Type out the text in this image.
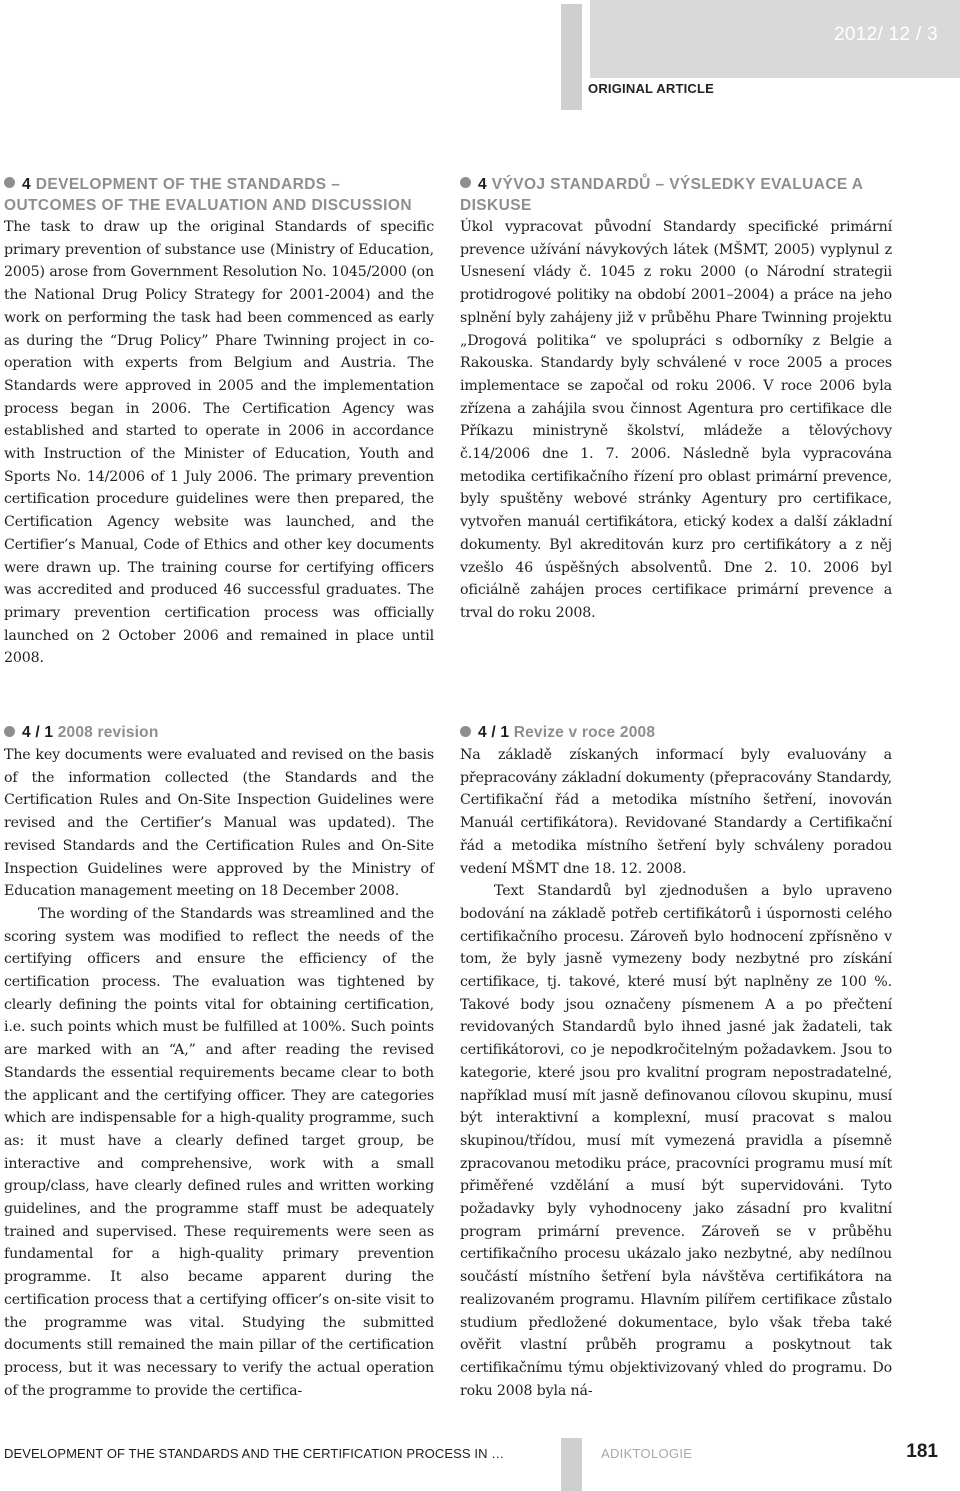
2012/ 12 / 3

ORIGINAL ARTICLE

4 DEVELOPMENT OF THE STANDARDS – OUTCOMES OF THE EVALUATION AND DISCUSSION

The task to draw up the original Standards of specific primary prevention of substance use (Ministry of Education, 2005) arose from Government Resolution No. 1045/2000 (on the National Drug Policy Strategy for 2001-2004) and the work on performing the task had been commenced as early as during the “Drug Policy” Phare Twinning project in co-operation with experts from Belgium and Austria. The Standards were approved in 2005 and the implementation process began in 2006. The Certification Agency was established and started to operate in 2006 in accordance with Instruction of the Minister of Education, Youth and Sports No. 14/2006 of 1 July 2006. The primary prevention certification procedure guidelines were then prepared, the Certification Agency website was launched, and the Certifier’s Manual, Code of Ethics and other key documents were drawn up. The training course for certifying officers was accredited and produced 46 successful graduates. The primary prevention certification process was officially launched on 2 October 2006 and remained in place until 2008.

4 / 1 2008 revision

The key documents were evaluated and revised on the basis of the information collected (the Standards and the Certification Rules and On-Site Inspection Guidelines were revised and the Certifier’s Manual was updated). The revised Standards and the Certification Rules and On-Site Inspection Guidelines were approved by the Ministry of Education management meeting on 18 December 2008.

The wording of the Standards was streamlined and the scoring system was modified to reflect the needs of the certifying officers and ensure the efficiency of the certification process. The evaluation was tightened by clearly defining the points vital for obtaining certification, i.e. such points which must be fulfilled at 100%. Such points are marked with an “A,” and after reading the revised Standards the essential requirements became clear to both the applicant and the certifying officer. They are categories which are indispensable for a high-quality programme, such as: it must have a clearly defined target group, be interactive and comprehensive, work with a small group/class, have clearly defined rules and written working guidelines, and the programme staff must be adequately trained and supervised. These requirements were seen as fundamental for a high-quality primary prevention programme. It also became apparent during the certification process that a certifying officer’s on-site visit to the programme was vital. Studying the submitted documents still remained the main pillar of the certification process, but it was necessary to verify the actual operation of the programme to provide the certifica-

4 VÝVOJ STANDARDŮ – VÝSLEDKY EVALUACE A DISKUSE

Úkol vypracovat původní Standardy specifické primární prevence užívání návykových látek (MŠMT, 2005) vyplynul z Usnesení vlády č. 1045 z roku 2000 (o Národní strategii protidrogové politiky na období 2001–2004) a práce na jeho splnění byly zahájeny již v průběhu Phare Twinning projektu „Drogová politika“ ve spolupráci s odborníky z Belgie a Rakouska. Standardy byly schválené v roce 2005 a proces implementace se započal od roku 2006. V roce 2006 byla zřízena a zahájila svou činnost Agentura pro certifikace dle Příkazu ministryně školství, mládeže a tělovýchovy č.14/2006 dne 1. 7. 2006. Následně byla vypracována metodika certifikačního řízení pro oblast primární prevence, byly spuštěny webové stránky Agentury pro certifikace, vytvořen manuál certifikátora, etický kodex a další základní dokumenty. Byl akreditován kurz pro certifikátory a z něj vzešlo 46 úspěšných absolventů. Dne 2. 10. 2006 byl oficiálně zahájen proces certifikace primární prevence a trval do roku 2008.

4 / 1 Revize v roce 2008

Na základě získaných informací byly evaluovány a přepracovány základní dokumenty (přepracovány Standardy, Certifikační řád a metodika místního šetření, inovován Manuál certifikátora). Revidované Standardy a Certifikační řád a metodika místního šetření byly schváleny poradou vedení MŠMT dne 18. 12. 2008.

Text Standardů byl zjednodušen a bylo upraveno bodování na základě potřeb certifikátorů i úspornosti celého certifikačního procesu. Zároveň bylo hodnocení zpřísněno v tom, že byly jasně vymezeny body nezbytné pro získání certifikace, tj. takové, které musí být naplněny ze 100 %. Takové body jsou označeny písmenem A a po přečtení revidovaných Standardů bylo ihned jasné jak žadateli, tak certifikátorovi, co je nepodkročitelným požadavkem. Jsou to kategorie, které jsou pro kvalitní program nepostradatelné, například musí mít jasně definovanou cílovou skupinu, musí být interaktivní a komplexní, musí pracovat s malou skupinou/třídou, musí mít vymezená pravidla a písemně zpracovanou metodiku práce, pracovníci programu musí mít přiměřené vzdělání a musí být supervidováni. Tyto požadavky byly vyhodnoceny jako zásadní pro kvalitní program primární prevence. Zároveň se v průběhu certifikačního procesu ukázalo jako nezbytné, aby nedílnou součástí místního šetření byla návštěva certifikátora na realizovaném programu. Hlavním pilířem certifikace zůstalo studium předložené dokumentace, bylo však třeba také ověřit vlastní průběh programu a poskytnout tak certifikačnímu týmu objektivizovaný vhled do programu. Do roku 2008 byla ná-

DEVELOPMENT OF THE STANDARDS AND THE CERTIFICATION PROCESS IN …	ADIKTOLOGIE	181
